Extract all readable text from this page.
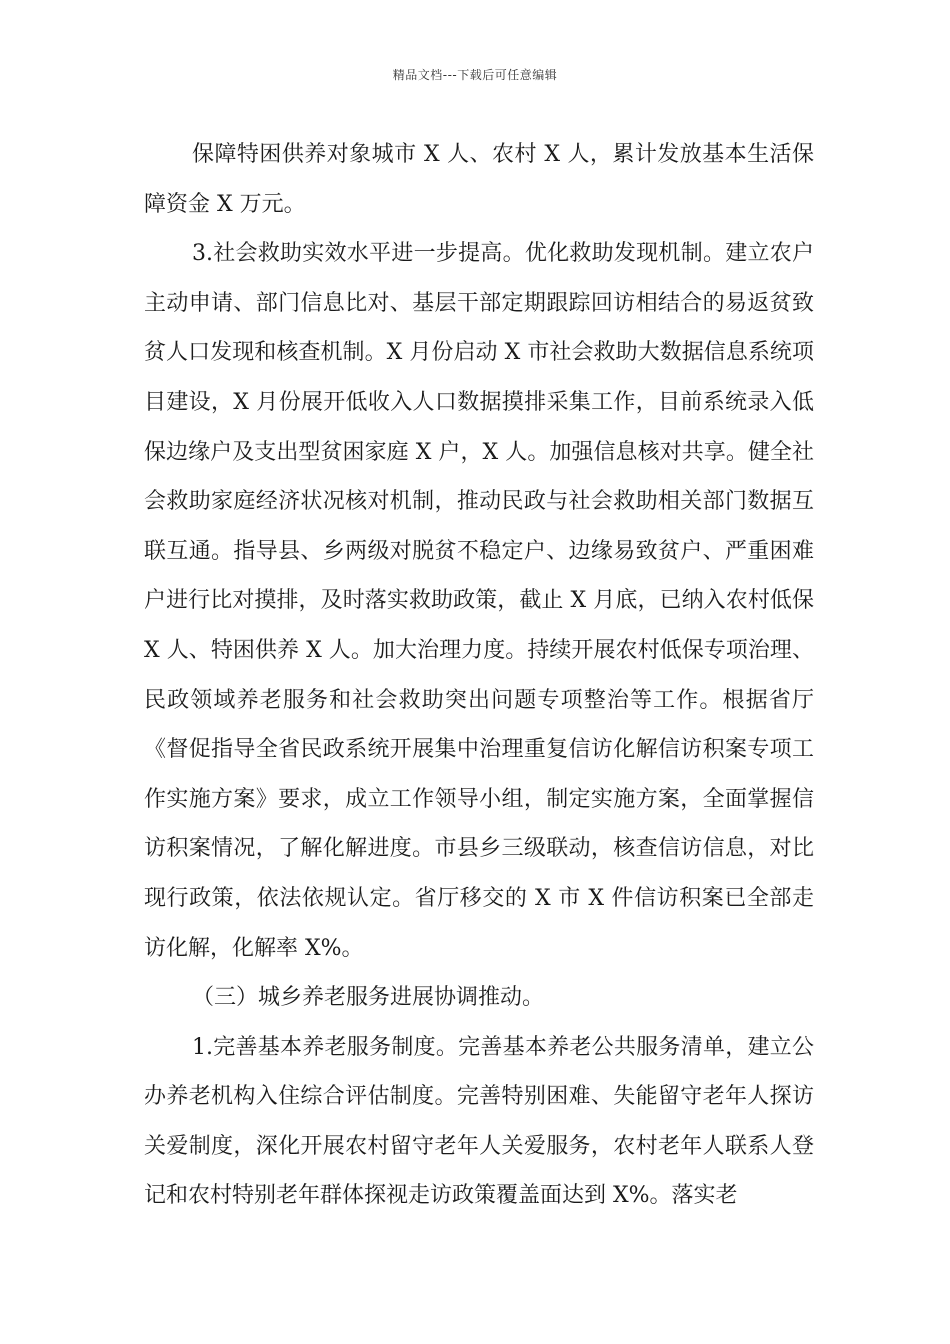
精品文档---下载后可任意编辑

保障特困供养对象城市 X 人、农村 X 人，累计发放基本生活保障资金 X 万元。

3.社会救助实效水平进一步提高。优化救助发现机制。建立农户主动申请、部门信息比对、基层干部定期跟踪回访相结合的易返贫致贫人口发现和核查机制。X 月份启动 X 市社会救助大数据信息系统项目建设，X 月份展开低收入人口数据摸排采集工作，目前系统录入低保边缘户及支出型贫困家庭 X 户，X 人。加强信息核对共享。健全社会救助家庭经济状况核对机制，推动民政与社会救助相关部门数据互联互通。指导县、乡两级对脱贫不稳定户、边缘易致贫户、严重困难户进行比对摸排，及时落实救助政策，截止 X 月底，已纳入农村低保 X 人、特困供养 X 人。加大治理力度。持续开展农村低保专项治理、民政领域养老服务和社会救助突出问题专项整治等工作。根据省厅《督促指导全省民政系统开展集中治理重复信访化解信访积案专项工作实施方案》要求，成立工作领导小组，制定实施方案，全面掌握信访积案情况，了解化解进度。市县乡三级联动，核查信访信息，对比现行政策，依法依规认定。省厅移交的 X 市 X 件信访积案已全部走访化解，化解率 X%。

（三）城乡养老服务进展协调推动。

1.完善基本养老服务制度。完善基本养老公共服务清单，建立公办养老机构入住综合评估制度。完善特别困难、失能留守老年人探访关爱制度，深化开展农村留守老年人关爱服务，农村老年人联系人登记和农村特别老年群体探视走访政策覆盖面达到 X%。落实老
